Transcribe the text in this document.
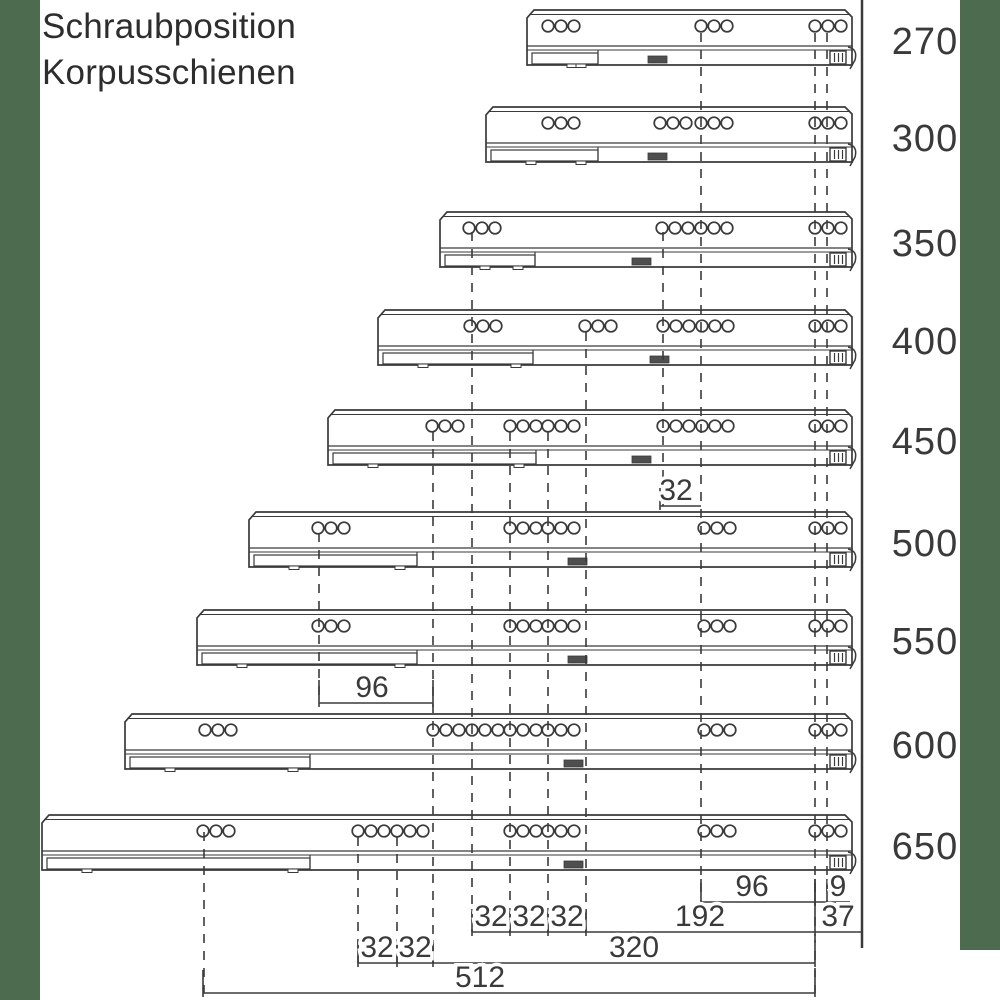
270
300
350
400
450
500
550
600
650
32
96
96 9
32 32 32	192	37
32 32	320
512
Schraubposition
Korpusschienen
